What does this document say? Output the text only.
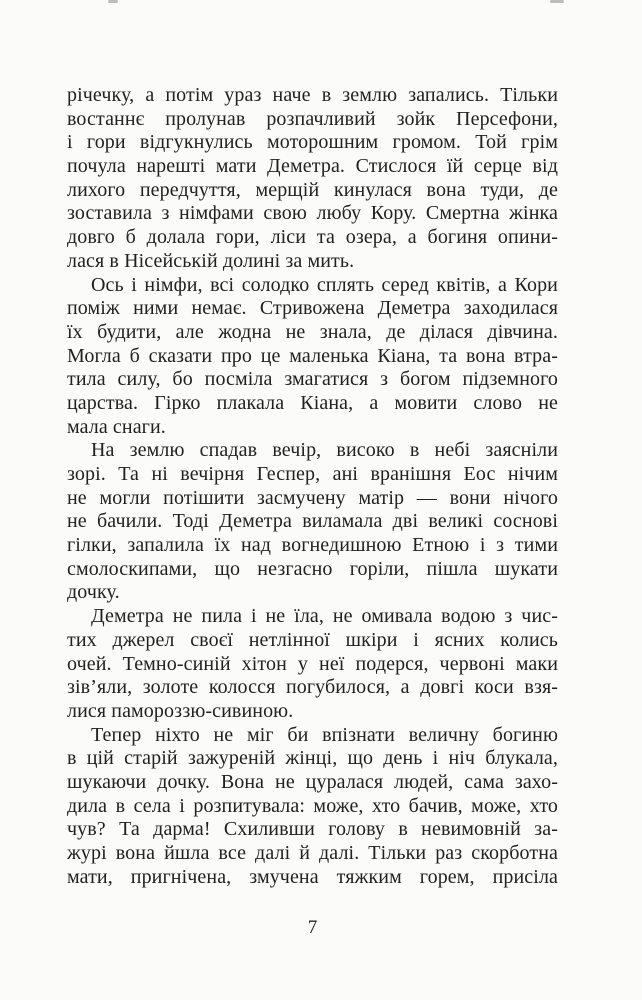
річечку, а потім ураз наче в землю запались. Тільки
востаннє пролунав розпачливий зойк Персефони,
і гори відгукнулись моторошним громом. Той грім
почула нарешті мати Деметра. Стислося їй серце від
лихого передчуття, мерщій кинулася вона туди, де
зоставила з німфами свою любу Кору. Смертна жінка
довго б долала гори, ліси та озера, а богиня опини-
лася в Нісейській долині за мить.
Ось і німфи, всі солодко сплять серед квітів, а Кори
поміж ними немає. Стривожена Деметра заходилася
їх будити, але жодна не знала, де ділася дівчина.
Могла б сказати про це маленька Кіана, та вона втра-
тила силу, бо посміла змагатися з богом підземного
царства. Гірко плакала Кіана, а мовити слово не
мала снаги.
На землю спадав вечір, високо в небі заясніли
зорі. Та ні вечірня Геспер, ані вранішня Еос нічим
не могли потішити засмучену матір — вони нічого
не бачили. Тоді Деметра виламала дві великі соснові
гілки, запалила їх над вогнедишною Етною і з тими
смолоскипами, що незгасно горіли, пішла шукати
дочку.
Деметра не пила і не їла, не омивала водою з чис-
тих джерел своєї нетлінної шкіри і ясних колись
очей. Темно-синій хітон у неї подерся, червоні маки
зів’яли, золоте колосся погубилося, а довгі коси взя-
лися памороззю-сивиною.
Тепер ніхто не міг би впізнати величну богиню
в цій старій зажуреній жінці, що день і ніч блукала,
шукаючи дочку. Вона не цуралася людей, сама захо-
дила в села і розпитувала: може, хто бачив, може, хто
чув? Та дарма! Схиливши голову в невимовній за-
журі вона йшла все далі й далі. Тільки раз скорботна
мати, пригнічена, змучена тяжким горем, присіла
7
